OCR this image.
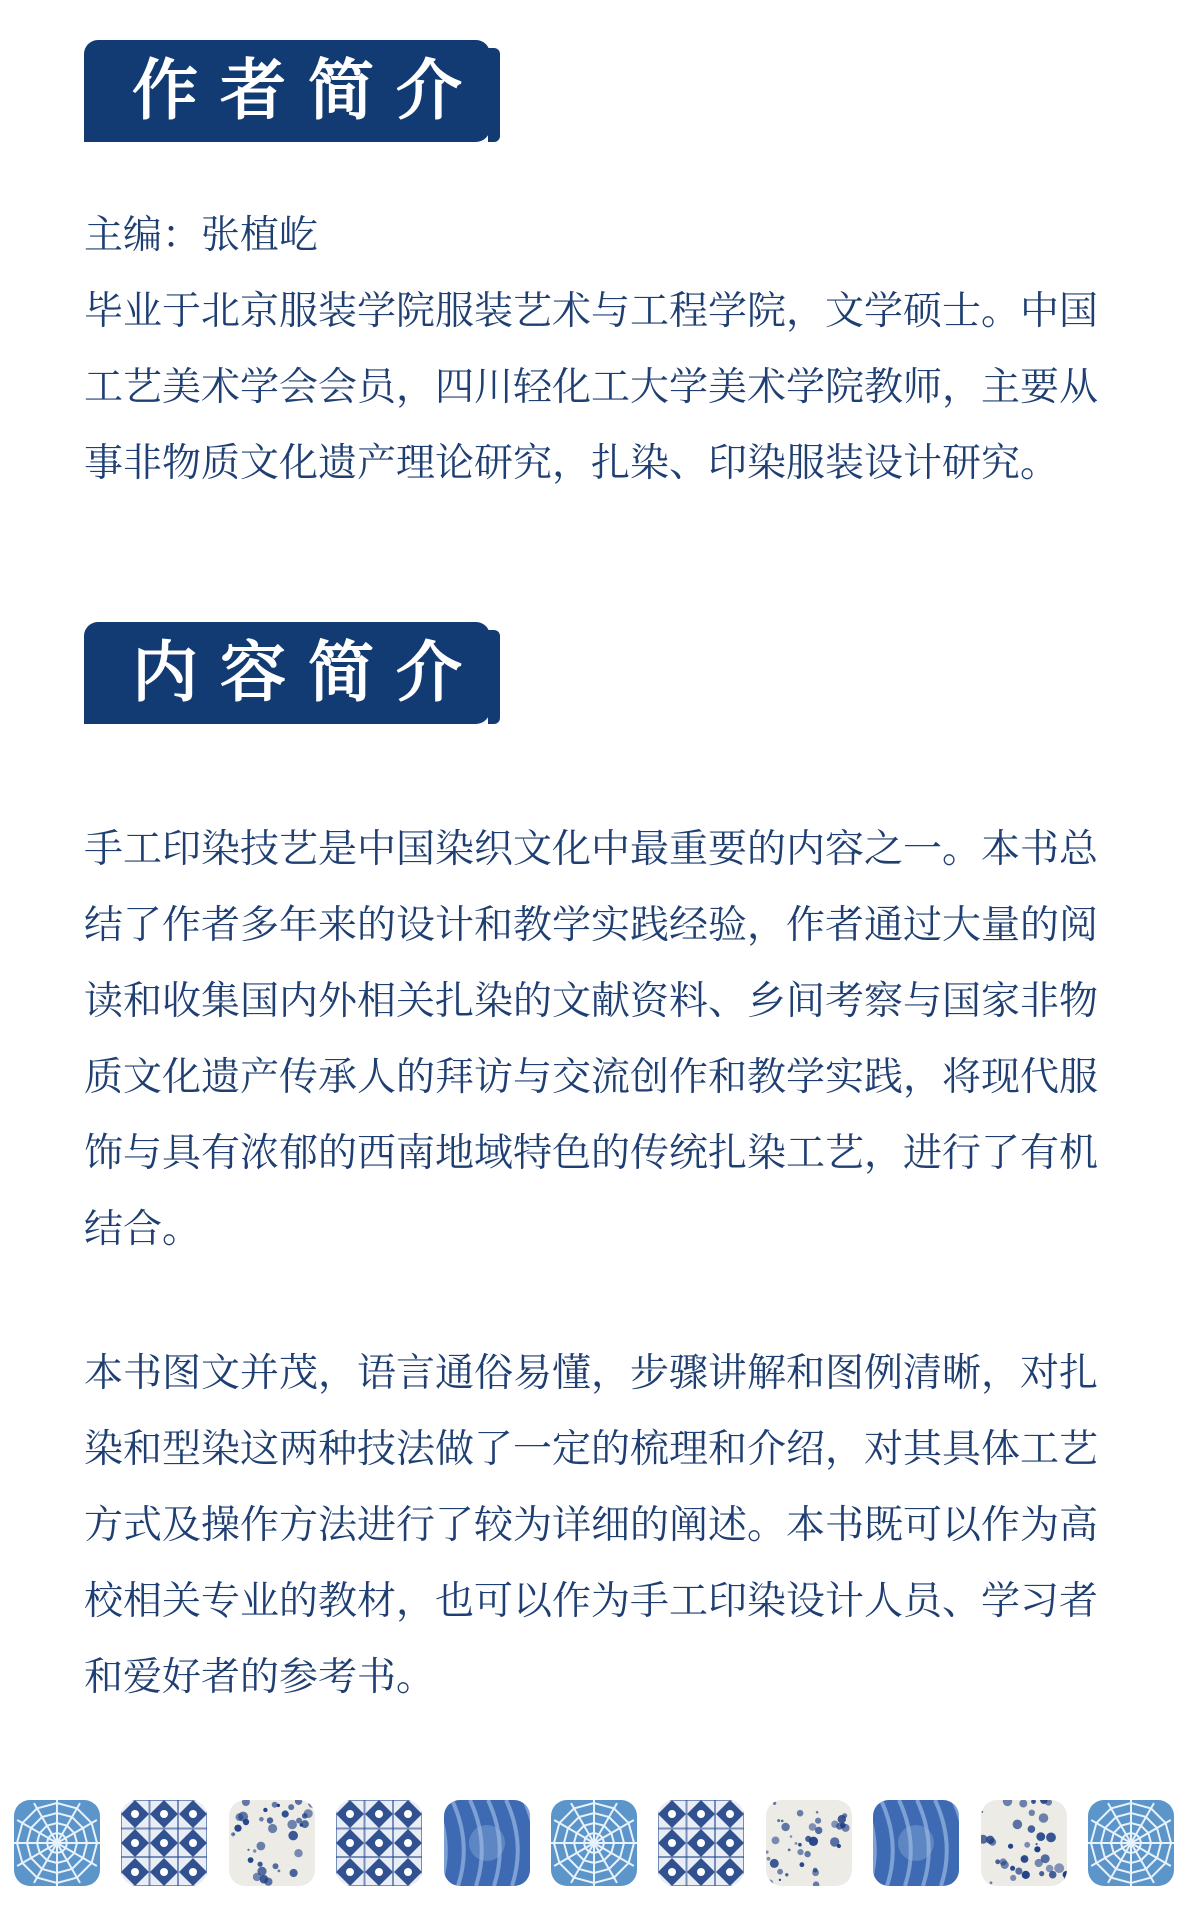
作者简介

主编：张植屹

毕业于北京服装学院服装艺术与工程学院，文学硕士。中国工艺美术学会会员，四川轻化工大学美术学院教师，主要从事非物质文化遗产理论研究，扎染、印染服装设计研究。

内容简介

手工印染技艺是中国染织文化中最重要的内容之一。本书总结了作者多年来的设计和教学实践经验，作者通过大量的阅读和收集国内外相关扎染的文献资料、乡间考察与国家非物质文化遗产传承人的拜访与交流创作和教学实践，将现代服饰与具有浓郁的西南地域特色的传统扎染工艺，进行了有机结合。

本书图文并茂，语言通俗易懂，步骤讲解和图例清晰，对扎染和型染这两种技法做了一定的梳理和介绍，对其具体工艺方式及操作方法进行了较为详细的阐述。本书既可以作为高校相关专业的教材，也可以作为手工印染设计人员、学习者和爱好者的参考书。
